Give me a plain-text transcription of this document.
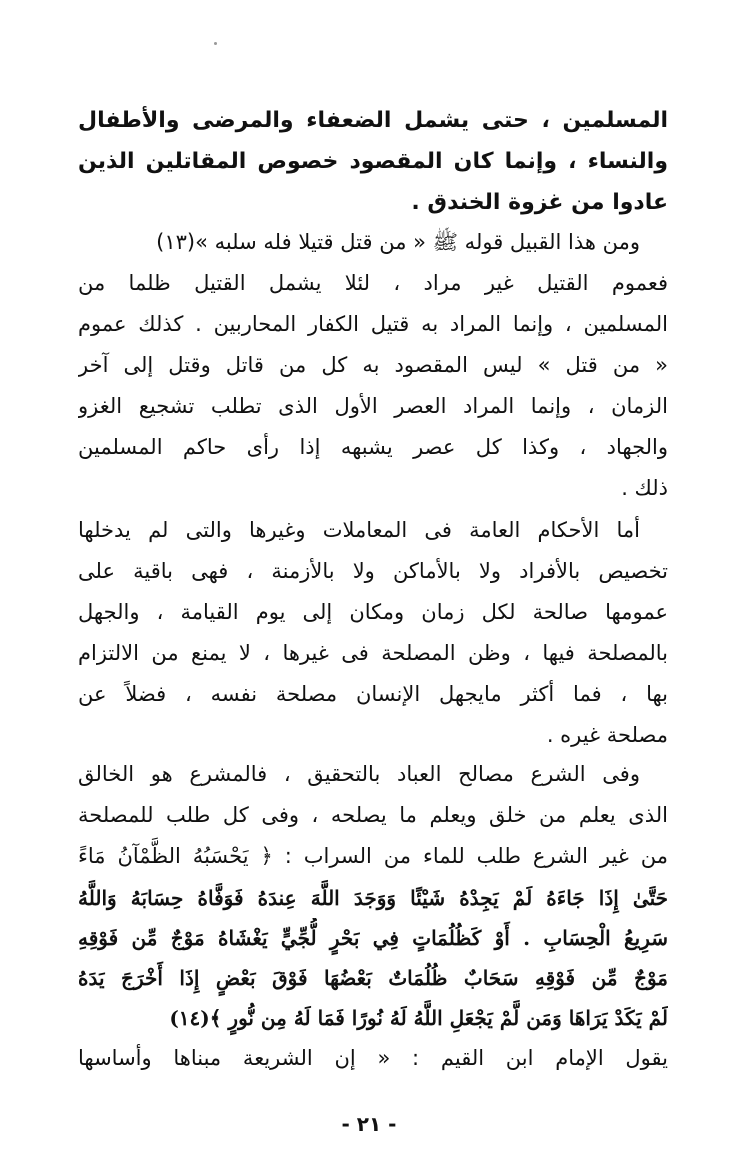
المسلمين ، حتى يشمل الضعفاء والمرضى والأطفال
والنساء ، وإنما كان المقصود خصوص المقاتلين الذين
عادوا من غزوة الخندق .
ومن هذا القبيل قوله ﷺ « من قتل قتيلا فله سلبه »(١٣)
فعموم القتيل غير مراد ، لئلا يشمل القتيل ظلما من
المسلمين ، وإنما المراد به قتيل الكفار المحاربين . كذلك عموم
« من قتل » ليس المقصود به كل من قاتل وقتل إلى آخر
الزمان ، وإنما المراد العصر الأول الذى تطلب تشجيع الغزو
والجهاد ، وكذا كل عصر يشبهه إذا رأى حاكم المسلمين
ذلك .
أما الأحكام العامة فى المعاملات وغيرها والتى لم يدخلها
تخصيص بالأفراد ولا بالأماكن ولا بالأزمنة ، فهى باقية على
عمومها صالحة لكل زمان ومكان إلى يوم القيامة ، والجهل
بالمصلحة فيها ، وظن المصلحة فى غيرها ، لا يمنع من الالتزام
بها ، فما أكثر مايجهل الإنسان مصلحة نفسه ، فضلاً عن
مصلحة غيره .
وفى الشرع مصالح العباد بالتحقيق ، فالمشرع هو الخالق
الذى يعلم من خلق ويعلم ما يصلحه ، وفى كل طلب للمصلحة
من غير الشرع طلب للماء من السراب : ﴿ يَحْسَبُهُ الظَّمْآنُ مَاءً
حَتَّىٰ إِذَا جَاءَهُ لَمْ يَجِدْهُ شَيْئًا وَوَجَدَ اللَّهَ عِندَهُ فَوَفَّاهُ حِسَابَهُ وَاللَّهُ
سَرِيعُ الْحِسَابِ . أَوْ كَظُلُمَاتٍ فِي بَحْرٍ لُّجِّيٍّ يَغْشَاهُ مَوْجٌ مِّن فَوْقِهِ
مَوْجٌ مِّن فَوْقِهِ سَحَابٌ ظُلُمَاتٌ بَعْضُهَا فَوْقَ بَعْضٍ إِذَا أَخْرَجَ يَدَهُ
لَمْ يَكَدْ يَرَاهَا وَمَن لَّمْ يَجْعَلِ اللَّهُ لَهُ نُورًا فَمَا لَهُ مِن نُّورٍ ﴾(١٤)
يقول الإمام ابن القيم : « إن الشريعة مبناها وأساسها
- ٢١ -
